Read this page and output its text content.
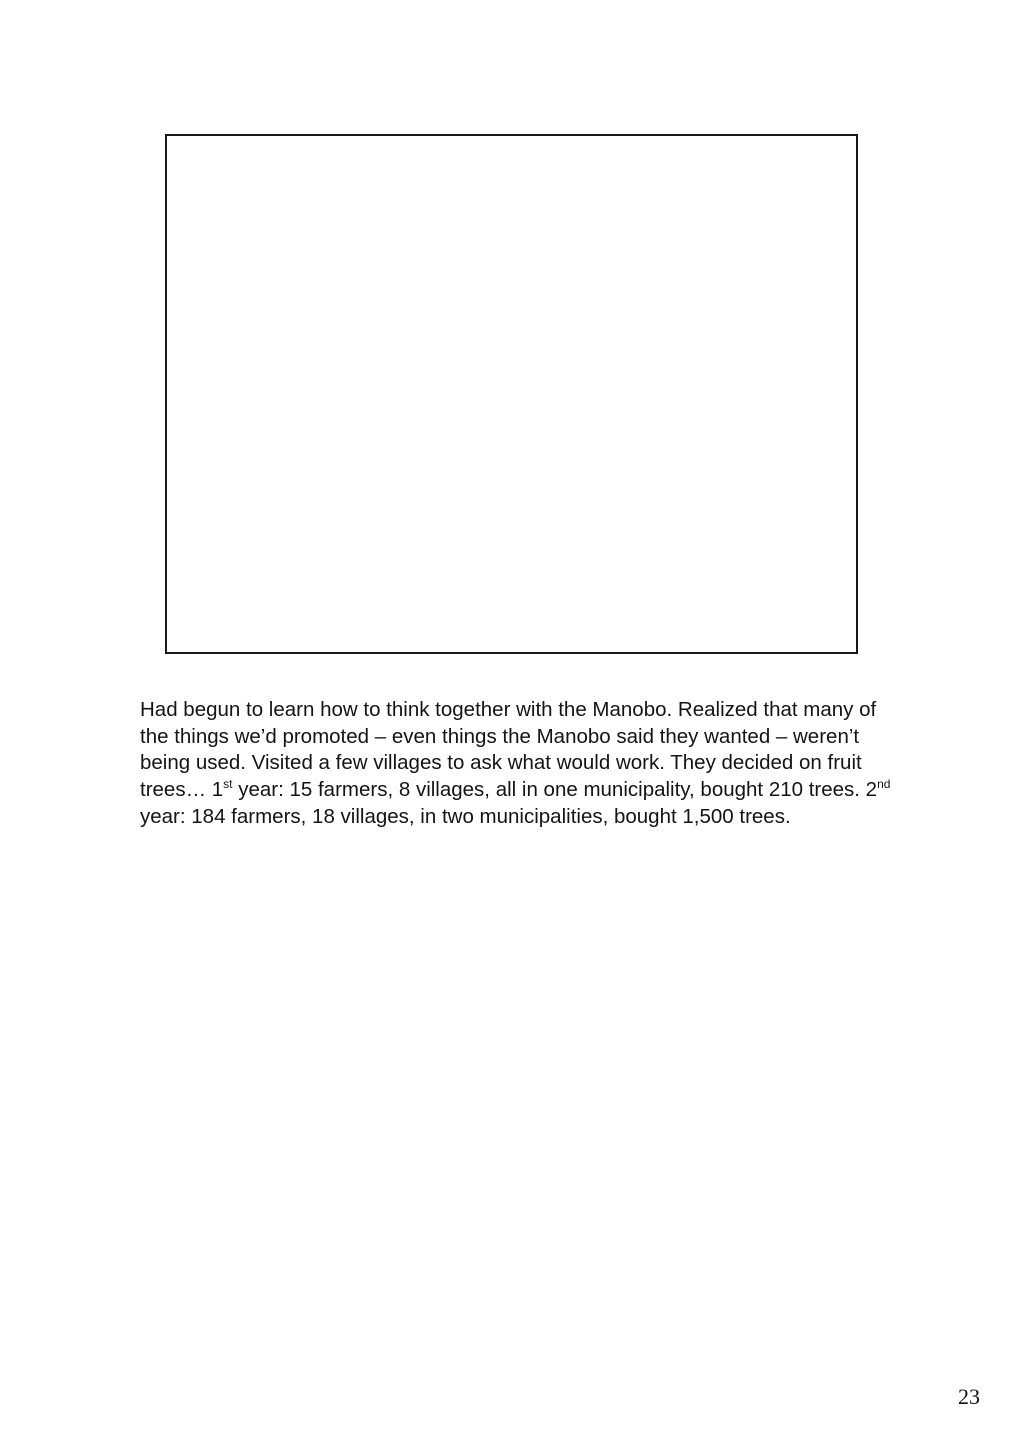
Had begun to learn how to think together with the Manobo. Realized that many of the things we’d promoted – even things the Manobo said they wanted – weren’t being used. Visited a few villages to ask what would work. They decided on fruit trees… 1st year: 15 farmers, 8 villages, all in one municipality, bought 210 trees. 2nd year: 184 farmers, 18 villages, in two municipalities, bought 1,500 trees.

23
